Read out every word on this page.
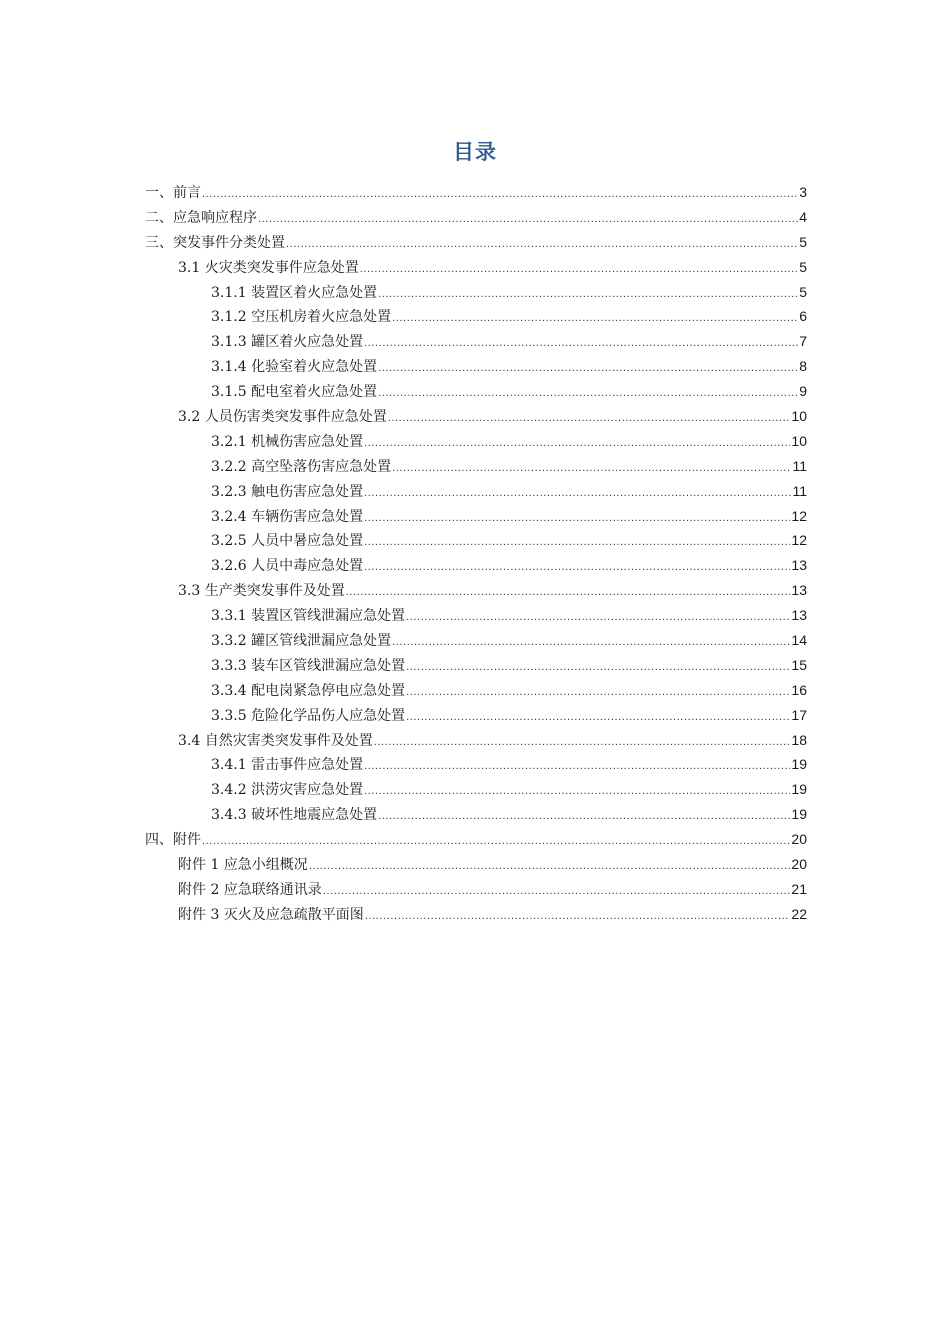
目录
一、前言 .....	3
二、应急响应程序 .....	4
三、突发事件分类处置 .....	5
3.1 火灾类突发事件应急处置 .....	5
3.1.1 装置区着火应急处置 .....	5
3.1.2 空压机房着火应急处置 .....	6
3.1.3 罐区着火应急处置 .....	7
3.1.4 化验室着火应急处置 .....	8
3.1.5 配电室着火应急处置 .....	9
3.2 人员伤害类突发事件应急处置 .....	10
3.2.1 机械伤害应急处置 .....	10
3.2.2 高空坠落伤害应急处置 .....	11
3.2.3 触电伤害应急处置 .....	11
3.2.4 车辆伤害应急处置 .....	12
3.2.5 人员中暑应急处置 .....	12
3.2.6 人员中毒应急处置 .....	13
3.3 生产类突发事件及处置 .....	13
3.3.1 装置区管线泄漏应急处置 .....	13
3.3.2 罐区管线泄漏应急处置 .....	14
3.3.3 装车区管线泄漏应急处置 .....	15
3.3.4 配电岗紧急停电应急处置 .....	16
3.3.5 危险化学品伤人应急处置 .....	17
3.4 自然灾害类突发事件及处置 .....	18
3.4.1 雷击事件应急处置 .....	19
3.4.2 洪涝灾害应急处置 .....	19
3.4.3 破坏性地震应急处置 .....	19
四、附件 .....	20
附件 1 应急小组概况 .....	20
附件 2 应急联络通讯录 .....	21
附件 3 灭火及应急疏散平面图 .....	22
